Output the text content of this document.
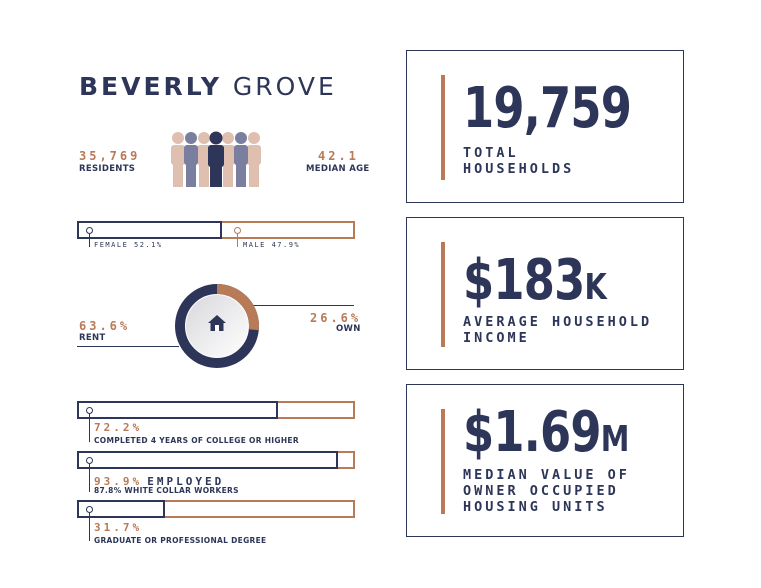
BEVERLY GROVE
35,769
RESIDENTS
42.1
MEDIAN AGE
FEMALE 52.1%	MALE 47.9%
63.6%
RENT
26.6%
OWN
72.2%
COMPLETED 4 YEARS OF COLLEGE OR HIGHER
93.9% EMPLOYED
87.8% WHITE COLLAR WORKERS
31.7%
GRADUATE OR PROFESSIONAL DEGREE
19,759
TOTAL
HOUSEHOLDS
$183K
AVERAGE HOUSEHOLD
INCOME
$1.69M
MEDIAN VALUE OF
OWNER OCCUPIED
HOUSING UNITS
